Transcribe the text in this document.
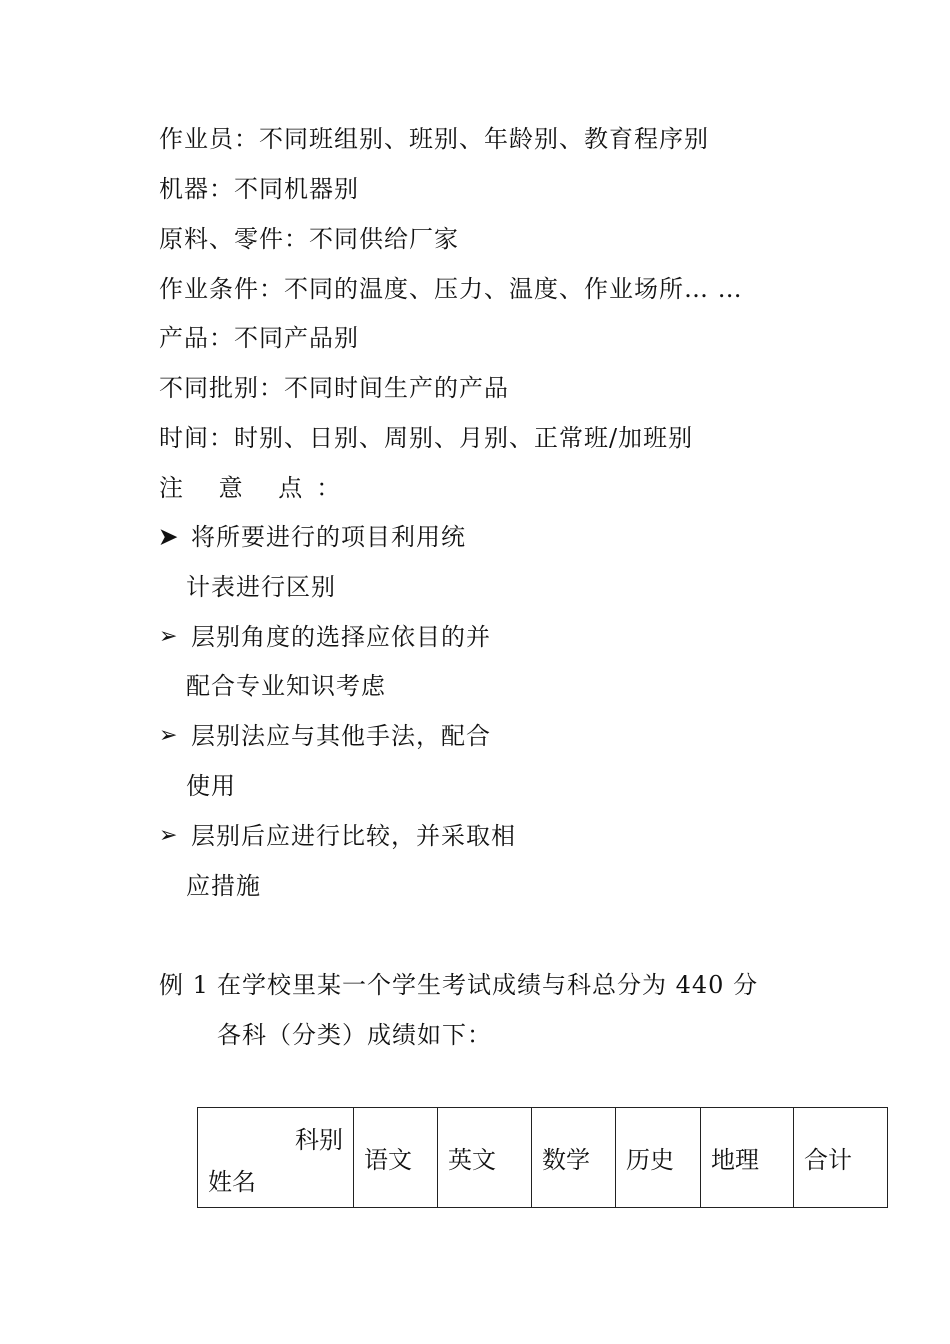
作业员：不同班组别、班别、年龄别、教育程序别
机器：不同机器别
原料、零件：不同供给厂家
作业条件：不同的温度、压力、温度、作业场所… …
产品：不同产品别
不同批别：不同时间生产的产品
时间：时别、日别、周别、月别、正常班/加班别
注 意 点：
➤ 将所要进行的项目利用统
计表进行区别
➢ 层别角度的选择应依目的并
配合专业知识考虑
➢ 层别法应与其他手法，配合
使用
➢ 层别后应进行比较，并采取相
应措施
例 1 在学校里某一个学生考试成绩与科总分为 440 分
各科（分类）成绩如下：
科别
姓名
	语文	英文	数学	历史	地理	合计
